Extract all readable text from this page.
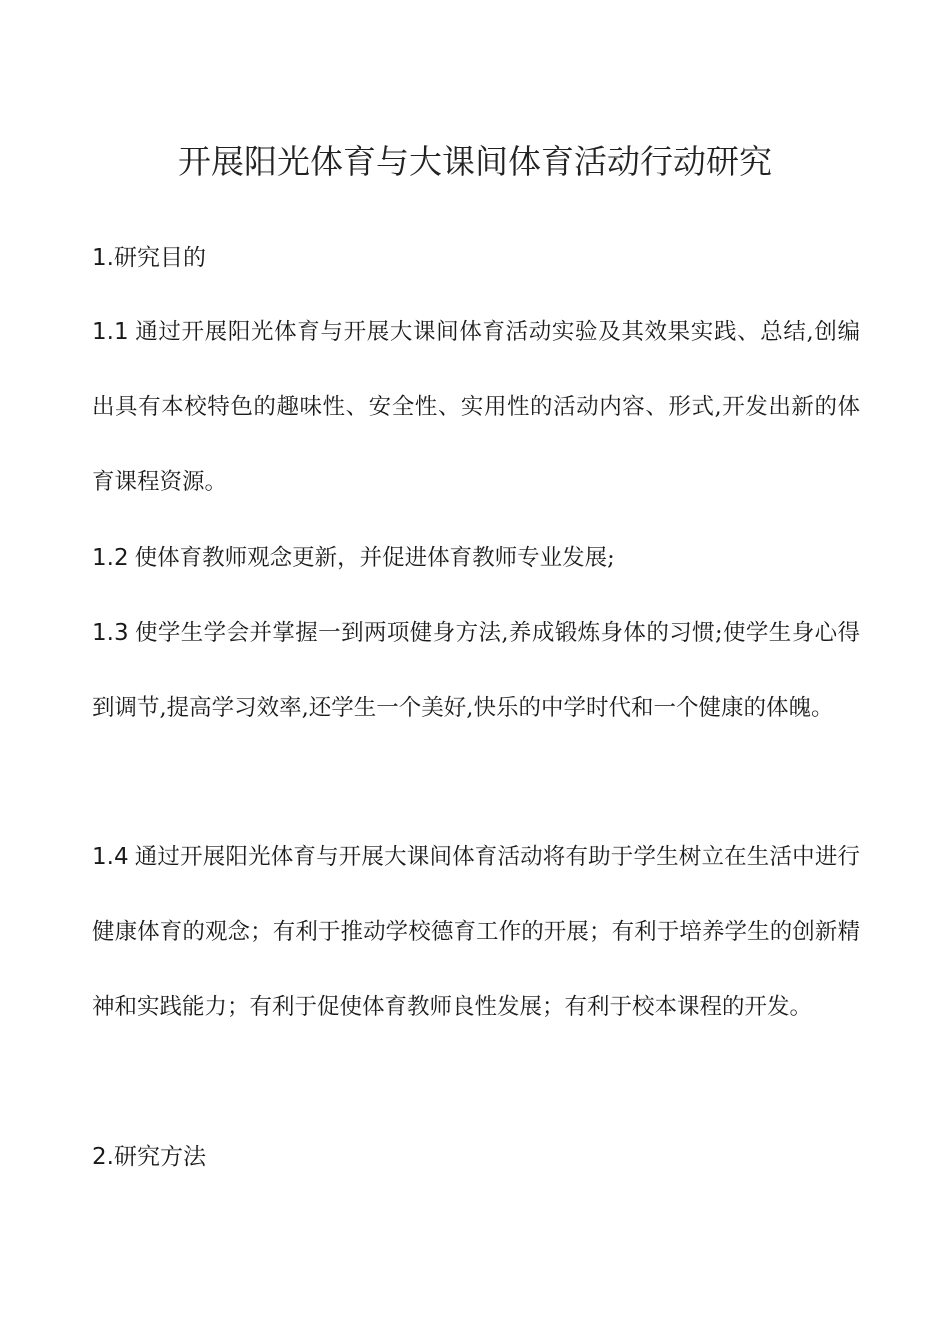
开展阳光体育与大课间体育活动行动研究
1.研究目的

1.1 通过开展阳光体育与开展大课间体育活动实验及其效果实践、总结,创编出具有本校特色的趣味性、安全性、实用性的活动内容、形式,开发出新的体育课程资源。

1.2 使体育教师观念更新，并促进体育教师专业发展;

1.3 使学生学会并掌握一到两项健身方法,养成锻炼身体的习惯;使学生身心得到调节,提高学习效率,还学生一个美好,快乐的中学时代和一个健康的体魄。

1.4 通过开展阳光体育与开展大课间体育活动将有助于学生树立在生活中进行健康体育的观念；有利于推动学校德育工作的开展；有利于培养学生的创新精神和实践能力；有利于促使体育教师良性发展；有利于校本课程的开发。

2.研究方法
